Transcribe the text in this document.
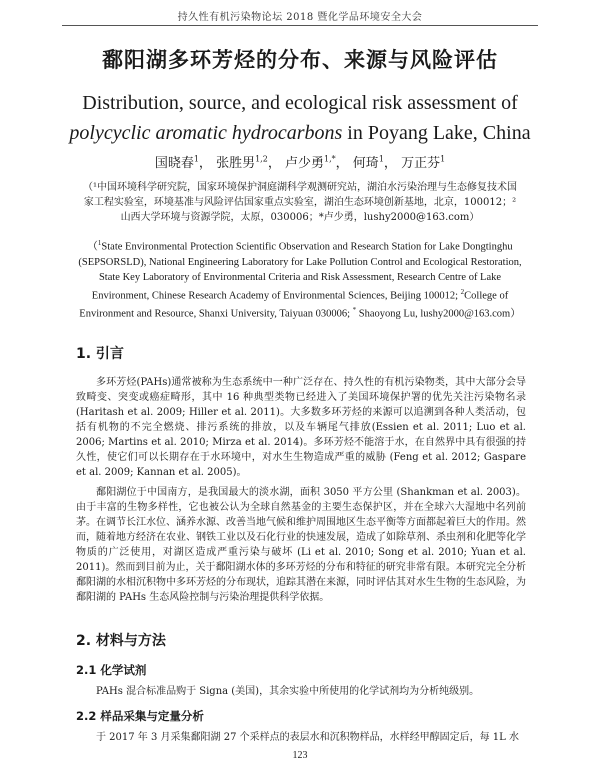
持久性有机污染物论坛 2018 暨化学品环境安全大会
鄱阳湖多环芳烃的分布、来源与风险评估
Distribution, source, and ecological risk assessment of
polycyclic aromatic hydrocarbons in Poyang Lake, China
国晓春$^1$， 张胜男$^{1,2}$， 卢少勇$^{1,*}$， 何琦$^1$， 万正芬$^1$
（¹中国环境科学研究院，国家环境保护洞庭湖科学观测研究站，湖泊水污染治理与生态修复技术国家工程实验室，环境基准与风险评估国家重点实验室，湖泊生态环境创新基地，北京，100012；²山西大学环境与资源学院，太原，030006；*卢少勇，lushy2000@163.com）
（$^1$State Environmental Protection Scientific Observation and Research Station for Lake Dongtinghu (SEPSORSLD), National Engineering Laboratory for Lake Pollution Control and Ecological Restoration, State Key Laboratory of Environmental Criteria and Risk Assessment, Research Centre of Lake Environment, Chinese Research Academy of Environmental Sciences, Beijing 100012; $^2$College of Environment and Resource, Shanxi University, Taiyuan 030006; * Shaoyong Lu, lushy2000@163.com）
1. 引言

多环芳烃(PAHs)通常被称为生态系统中一种广泛存在、持久性的有机污染物类，其中大部分会导致畸变、突变或癌症畸形，其中 16 种典型类物已经进入了美国环境保护署的优先关注污染物名录(Haritash et al. 2009; Hiller et al. 2011)。大多数多环芳烃的来源可以追溯到各种人类活动，包括有机物的不完全燃烧、排污系统的排放，以及车辆尾气排放(Essien et al. 2011; Luo et al. 2006; Martins et al. 2010; Mirza et al. 2014)。多环芳烃不能溶于水，在自然界中具有很强的持久性，使它们可以长期存在于水环境中，对水生生物造成严重的威胁 (Feng et al. 2012; Gaspare et al. 2009; Kannan et al. 2005)。

鄱阳湖位于中国南方，是我国最大的淡水湖，面积 3050 平方公里 (Shankman et al. 2003)。由于丰富的生物多样性，它也被公认为全球自然基金的主要生态保护区，并在全球六大湿地中名列前茅。在调节长江水位、涵养水源、改善当地气候和维护周围地区生态平衡等方面都起着巨大的作用。然而，随着地方经济在农业、钢铁工业以及石化行业的快速发展，造成了如除草剂、杀虫剂和化肥等化学物质的广泛使用，对湖区造成严重污染与破坏 (Li et al. 2010; Song et al. 2010; Yuan et al. 2011)。然而到目前为止，关于鄱阳湖水体的多环芳烃的分布和特征的研究非常有限。本研究完全分析鄱阳湖的水相沉积物中多环芳烃的分布现状，追踪其潜在来源，同时评估其对水生生物的生态风险，为鄱阳湖的 PAHs 生态风险控制与污染治理提供科学依据。

2. 材料与方法
2.1 化学试剂

PAHs 混合标准品购于 Signa (美国)，其余实验中所使用的化学试剂均为分析纯级别。

2.2 样品采集与定量分析

于 2017 年 3 月采集鄱阳湖 27 个采样点的表层水和沉积物样品，水样经甲醇固定后，每 1L 水

123
